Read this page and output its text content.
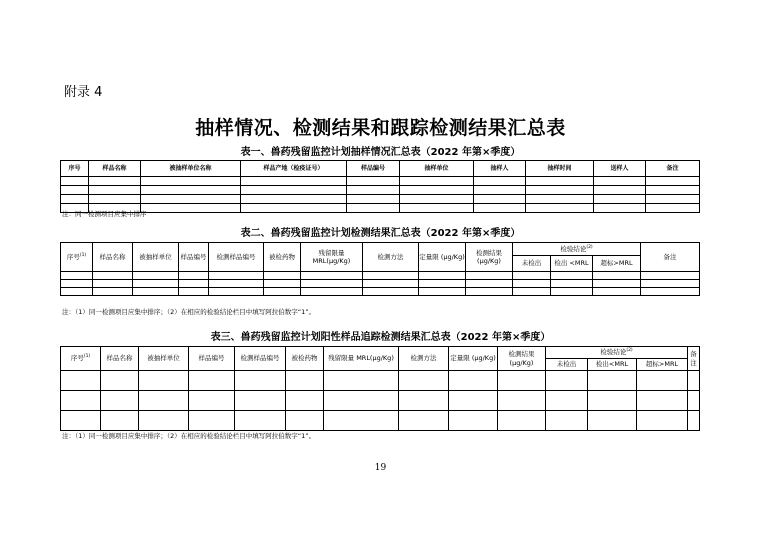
附录 4
抽样情况、检测结果和跟踪检测结果汇总表
表一、兽药残留监控计划抽样情况汇总表（2022 年第×季度）
序号	样品名称	被抽样单位名称	样品产地（检疫证号）	样品编号	抽样单位	抽样人	抽样时间	送样人	备注

注：同一检测项目应集中排序
表二、兽药残留监控计划检测结果汇总表（2022 年第×季度）
序号$^{(1)}$	样品名称	被抽样单位	样品编号	检测样品编号	被检药物	残留限量 MRL(μg/Kg)	检测方法	定量限 (μg/Kg)	检测结果 (μg/Kg)	检验结论$^{(2)}$			备注
										未检出	检出 <MRL	超标>MRL	

注：（1）同一检测项目应集中排序；（2）在相应的检验结论栏目中填写阿拉伯数字“1”。
表三、兽药残留监控计划阳性样品追踪检测结果汇总表（2022 年第×季度）
序号$^{(1)}$	样品名称	被抽样单位	样品编号	检测样品编号	被检药物	残留限量 MRL(μg/Kg)	检测方法	定量限 (μg/Kg)	检测结果 (μg/Kg)	检验结论$^{(2)}$			备注
										未检出	检出<MRL	超标>MRL	

注：（1）同一检测项目应集中排序；（2）在相应的检验结论栏目中填写阿拉伯数字“1”。
19
